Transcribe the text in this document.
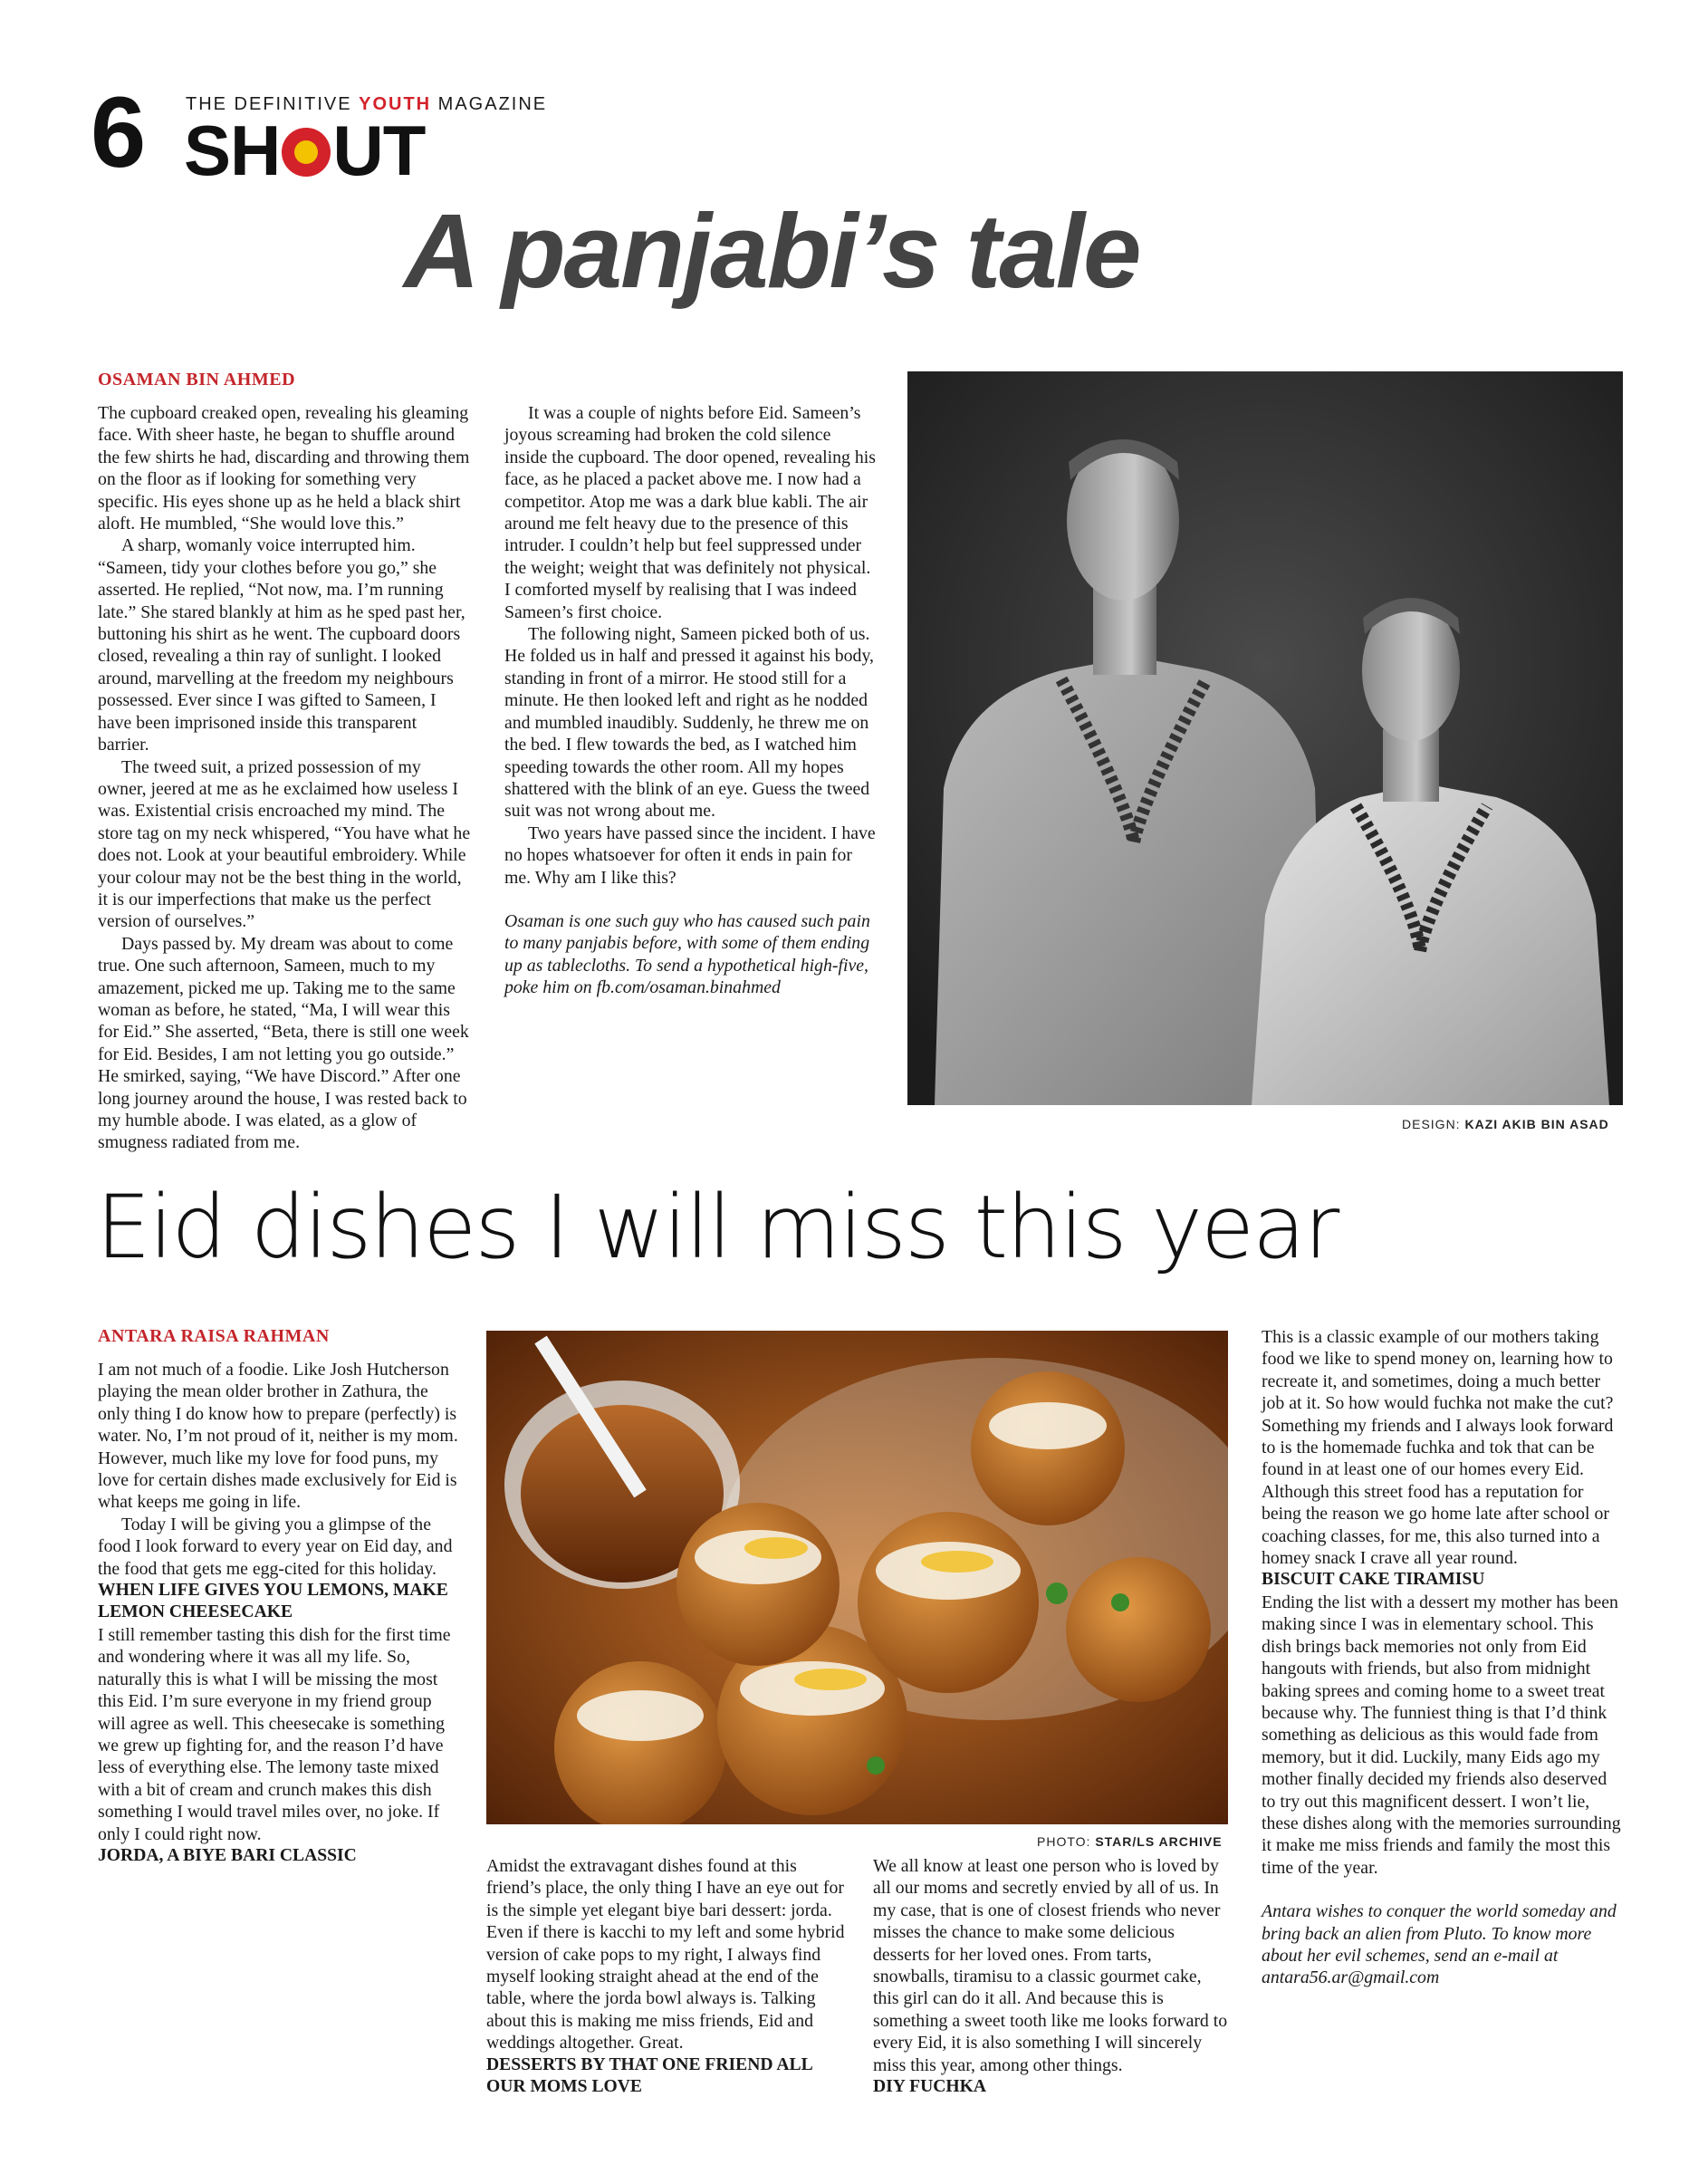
6 THE DEFINITIVE YOUTH MAGAZINE
SH UT
A panjabi’s tale
OSAMAN BIN AHMED

The cupboard creaked open, revealing his gleaming face. With sheer haste, he began to shuffle around the few shirts he had, discarding and throwing them on the floor as if looking for something very specific. His eyes shone up as he held a black shirt aloft. He mumbled, “She would love this.”

A sharp, womanly voice interrupted him. “Sameen, tidy your clothes before you go,” she asserted. He replied, “Not now, ma. I’m running late.” She stared blankly at him as he sped past her, buttoning his shirt as he went. The cupboard doors closed, revealing a thin ray of sunlight. I looked around, marvelling at the freedom my neighbours possessed. Ever since I was gifted to Sameen, I have been imprisoned inside this transparent barrier.

The tweed suit, a prized possession of my owner, jeered at me as he exclaimed how useless I was. Existential crisis encroached my mind. The store tag on my neck whispered, “You have what he does not. Look at your beautiful embroidery. While your colour may not be the best thing in the world, it is our imperfections that make us the perfect version of ourselves.”

Days passed by. My dream was about to come true. One such afternoon, Sameen, much to my amazement, picked me up. Taking me to the same woman as before, he stated, “Ma, I will wear this for Eid.” She asserted, “Beta, there is still one week for Eid. Besides, I am not letting you go outside.” He smirked, saying, “We have Discord.” After one long journey around the house, I was rested back to my humble abode. I was elated, as a glow of smugness radiated from me.

It was a couple of nights before Eid. Sameen’s joyous screaming had broken the cold silence inside the cupboard. The door opened, revealing his face, as he placed a packet above me. I now had a competitor. Atop me was a dark blue kabli. The air around me felt heavy due to the presence of this intruder. I couldn’t help but feel suppressed under the weight; weight that was definitely not physical. I comforted myself by realising that I was indeed Sameen’s first choice.

The following night, Sameen picked both of us. He folded us in half and pressed it against his body, standing in front of a mirror. He stood still for a minute. He then looked left and right as he nodded and mumbled inaudibly. Suddenly, he threw me on the bed. I flew towards the bed, as I watched him speeding towards the other room. All my hopes shattered with the blink of an eye. Guess the tweed suit was not wrong about me.

Two years have passed since the incident. I have no hopes whatsoever for often it ends in pain for me. Why am I like this?

Osaman is one such guy who has caused such pain to many panjabis before, with some of them ending up as tablecloths. To send a hypothetical high-five, poke him on fb.com/osaman.binahmed

DESIGN: KAZI AKIB BIN ASAD
Eid dishes I will miss this year
ANTARA RAISA RAHMAN

I am not much of a foodie. Like Josh Hutcherson playing the mean older brother in Zathura, the only thing I do know how to prepare (perfectly) is water. No, I’m not proud of it, neither is my mom. However, much like my love for food puns, my love for certain dishes made exclusively for Eid is what keeps me going in life.

Today I will be giving you a glimpse of the food I look forward to every year on Eid day, and the food that gets me egg-cited for this holiday.

WHEN LIFE GIVES YOU LEMONS, MAKE LEMON CHEESECAKE

I still remember tasting this dish for the first time and wondering where it was all my life. So, naturally this is what I will be missing the most this Eid. I’m sure everyone in my friend group will agree as well. This cheesecake is something we grew up fighting for, and the reason I’d have less of everything else. The lemony taste mixed with a bit of cream and crunch makes this dish something I would travel miles over, no joke. If only I could right now.

JORDA, A BIYE BARI CLASSIC
PHOTO: STAR/LS ARCHIVE

Amidst the extravagant dishes found at this friend’s place, the only thing I have an eye out for is the simple yet elegant biye bari dessert: jorda. Even if there is kacchi to my left and some hybrid version of cake pops to my right, I always find myself looking straight ahead at the end of the table, where the jorda bowl always is. Talking about this is making me miss friends, Eid and weddings altogether. Great.

DESSERTS BY THAT ONE FRIEND ALL OUR MOMS LOVE

We all know at least one person who is loved by all our moms and secretly envied by all of us. In my case, that is one of closest friends who never misses the chance to make some delicious desserts for her loved ones. From tarts, snowballs, tiramisu to a classic gourmet cake, this girl can do it all. And because this is something a sweet tooth like me looks forward to every Eid, it is also something I will sincerely miss this year, among other things.

DIY FUCHKA

This is a classic example of our mothers taking food we like to spend money on, learning how to recreate it, and sometimes, doing a much better job at it. So how would fuchka not make the cut? Something my friends and I always look forward to is the homemade fuchka and tok that can be found in at least one of our homes every Eid. Although this street food has a reputation for being the reason we go home late after school or coaching classes, for me, this also turned into a homey snack I crave all year round.

BISCUIT CAKE TIRAMISU

Ending the list with a dessert my mother has been making since I was in elementary school. This dish brings back memories not only from Eid hangouts with friends, but also from midnight baking sprees and coming home to a sweet treat because why. The funniest thing is that I’d think something as delicious as this would fade from memory, but it did. Luckily, many Eids ago my mother finally decided my friends also deserved to try out this magnificent dessert. I won’t lie, these dishes along with the memories surrounding it make me miss friends and family the most this time of the year.

Antara wishes to conquer the world someday and bring back an alien from Pluto. To know more about her evil schemes, send an e-mail at antara56.ar@gmail.com
